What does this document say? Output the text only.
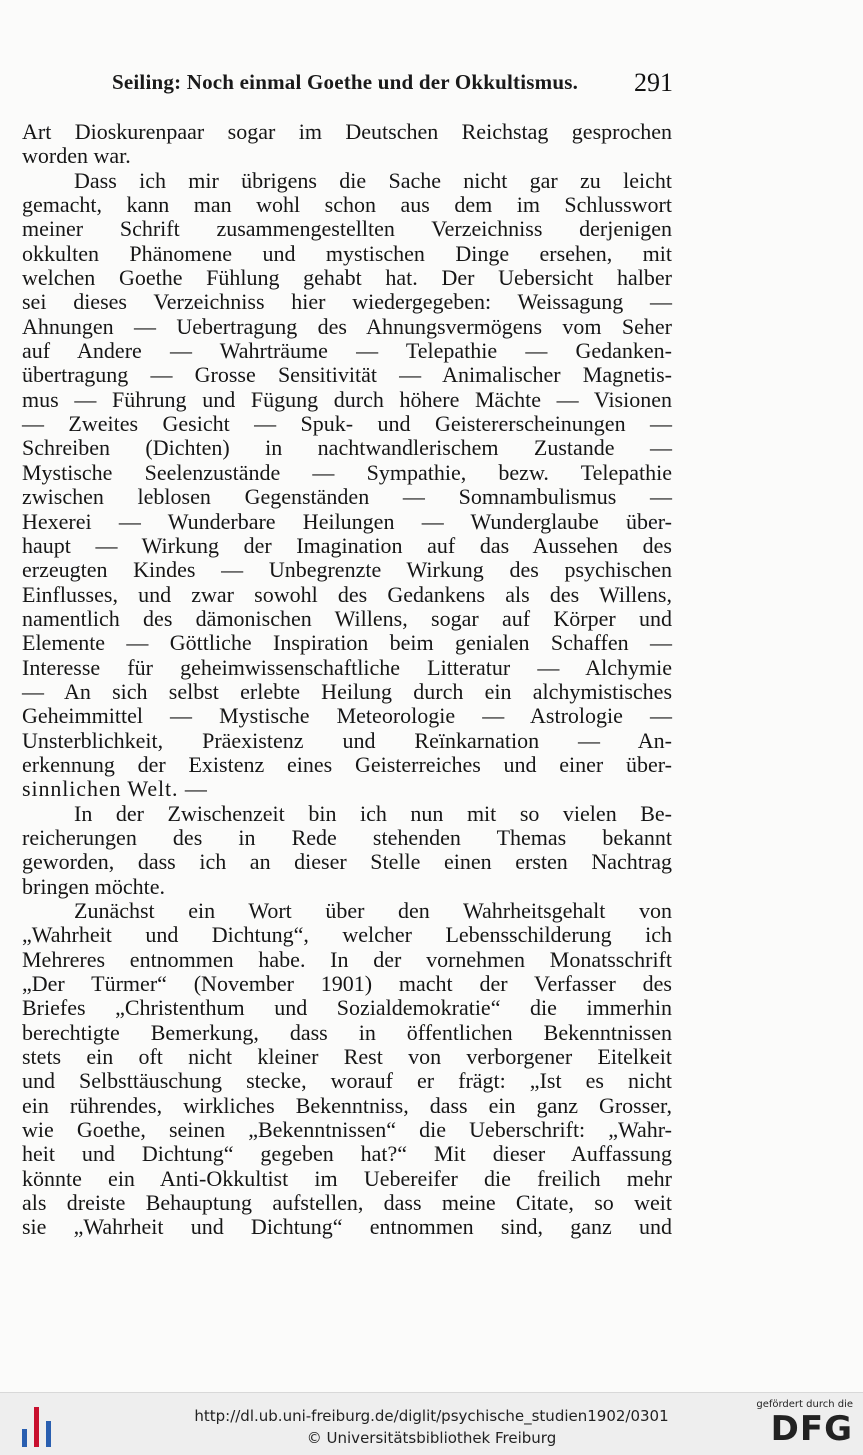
Seiling: Noch einmal Goethe und der Okkultismus. 291
Art Dioskurenpaar sogar im Deutschen Reichstag gesprochen
worden war.
Dass ich mir übrigens die Sache nicht gar zu leicht
gemacht, kann man wohl schon aus dem im Schlusswort
meiner Schrift zusammengestellten Verzeichniss derjenigen
okkulten Phänomene und mystischen Dinge ersehen, mit
welchen Goethe Fühlung gehabt hat. Der Uebersicht halber
sei dieses Verzeichniss hier wiedergegeben: Weissagung —
Ahnungen — Uebertragung des Ahnungsvermögens vom Seher
auf Andere — Wahrträume — Telepathie — Gedanken-
übertragung — Grosse Sensitivität — Animalischer Magnetis-
mus — Führung und Fügung durch höhere Mächte — Visionen
— Zweites Gesicht — Spuk- und Geistererscheinungen —
Schreiben (Dichten) in nachtwandlerischem Zustande —
Mystische Seelenzustände — Sympathie, bezw. Telepathie
zwischen leblosen Gegenständen — Somnambulismus —
Hexerei — Wunderbare Heilungen — Wunderglaube über-
haupt — Wirkung der Imagination auf das Aussehen des
erzeugten Kindes — Unbegrenzte Wirkung des psychischen
Einflusses, und zwar sowohl des Gedankens als des Willens,
namentlich des dämonischen Willens, sogar auf Körper und
Elemente — Göttliche Inspiration beim genialen Schaffen —
Interesse für geheimwissenschaftliche Litteratur — Alchymie
— An sich selbst erlebte Heilung durch ein alchymistisches
Geheimmittel — Mystische Meteorologie — Astrologie —
Unsterblichkeit, Präexistenz und Reïnkarnation — An-
erkennung der Existenz eines Geisterreiches und einer über-
sinnlichen Welt. —
In der Zwischenzeit bin ich nun mit so vielen Be-
reicherungen des in Rede stehenden Themas bekannt
geworden, dass ich an dieser Stelle einen ersten Nachtrag
bringen möchte.
Zunächst ein Wort über den Wahrheitsgehalt von
„Wahrheit und Dichtung“, welcher Lebensschilderung ich
Mehreres entnommen habe. In der vornehmen Monatsschrift
„Der Türmer“ (November 1901) macht der Verfasser des
Briefes „Christenthum und Sozialdemokratie“ die immerhin
berechtigte Bemerkung, dass in öffentlichen Bekenntnissen
stets ein oft nicht kleiner Rest von verborgener Eitelkeit
und Selbsttäuschung stecke, worauf er frägt: „Ist es nicht
ein rührendes, wirkliches Bekenntniss, dass ein ganz Grosser,
wie Goethe, seinen „Bekenntnissen“ die Ueberschrift: „Wahr-
heit und Dichtung“ gegeben hat?“ Mit dieser Auffassung
könnte ein Anti-Okkultist im Uebereifer die freilich mehr
als dreiste Behauptung aufstellen, dass meine Citate, so weit
sie „Wahrheit und Dichtung“ entnommen sind, ganz und
http://dl.ub.uni-freiburg.de/diglit/psychische_studien1902/0301
© Universitätsbibliothek Freiburg
gefördert durch die
DFG
